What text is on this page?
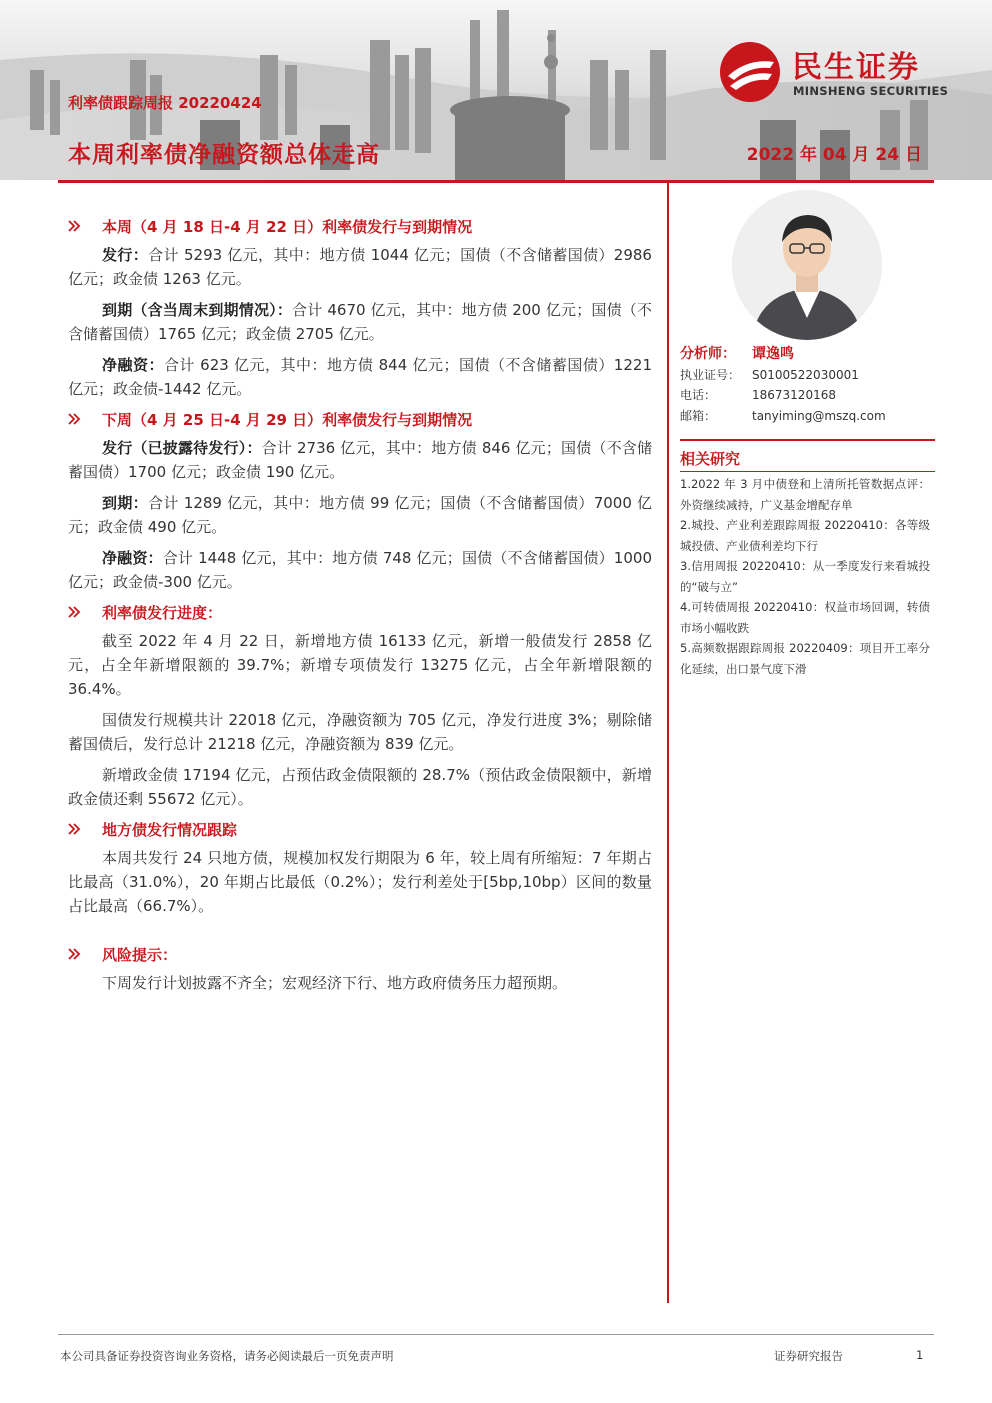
利率债跟踪周报 20220424
本周利率债净融资额总体走高	2022 年 04 月 24 日
民生证券
MINSHENG SECURITIES
本周（4 月 18 日-4 月 22 日）利率债发行与到期情况

发行：合计 5293 亿元，其中：地方债 1044 亿元；国债（不含储蓄国债）2986 亿元；政金债 1263 亿元。

到期（含当周末到期情况）：合计 4670 亿元，其中：地方债 200 亿元；国债（不含储蓄国债）1765 亿元；政金债 2705 亿元。

净融资：合计 623 亿元，其中：地方债 844 亿元；国债（不含储蓄国债）1221 亿元；政金债-1442 亿元。

下周（4 月 25 日-4 月 29 日）利率债发行与到期情况

发行（已披露待发行）：合计 2736 亿元，其中：地方债 846 亿元；国债（不含储蓄国债）1700 亿元；政金债 190 亿元。

到期：合计 1289 亿元，其中：地方债 99 亿元；国债（不含储蓄国债）7000 亿元；政金债 490 亿元。

净融资：合计 1448 亿元，其中：地方债 748 亿元；国债（不含储蓄国债）1000 亿元；政金债-300 亿元。

利率债发行进度：

截至 2022 年 4 月 22 日，新增地方债 16133 亿元，新增一般债发行 2858 亿元，占全年新增限额的 39.7%；新增专项债发行 13275 亿元，占全年新增限额的 36.4%。

国债发行规模共计 22018 亿元，净融资额为 705 亿元，净发行进度 3%；剔除储蓄国债后，发行总计 21218 亿元，净融资额为 839 亿元。

新增政金债 17194 亿元，占预估政金债限额的 28.7%（预估政金债限额中，新增政金债还剩 55672 亿元）。

地方债发行情况跟踪

本周共发行 24 只地方债，规模加权发行期限为 6 年，较上周有所缩短：7 年期占比最高（31.0%），20 年期占比最低（0.2%）；发行利差处于[5bp,10bp）区间的数量占比最高（66.7%）。

风险提示：

下周发行计划披露不齐全；宏观经济下行、地方政府债务压力超预期。

分析师：	谭逸鸣
执业证号： S0100522030001
电话：	18673120168
邮箱：	tanyiming@mszq.com
相关研究
1.2022 年 3 月中债登和上清所托管数据点评：外资继续减持，广义基金增配存单
2.城投、产业利差跟踪周报 20220410：各等级城投债、产业债利差均下行
3.信用周报 20220410：从一季度发行来看城投的“破与立”
4.可转债周报 20220410：权益市场回调，转债市场小幅收跌
5.高频数据跟踪周报 20220409：项目开工率分化延续，出口景气度下滑
本公司具备证券投资咨询业务资格，请务必阅读最后一页免责声明	证券研究报告	1
